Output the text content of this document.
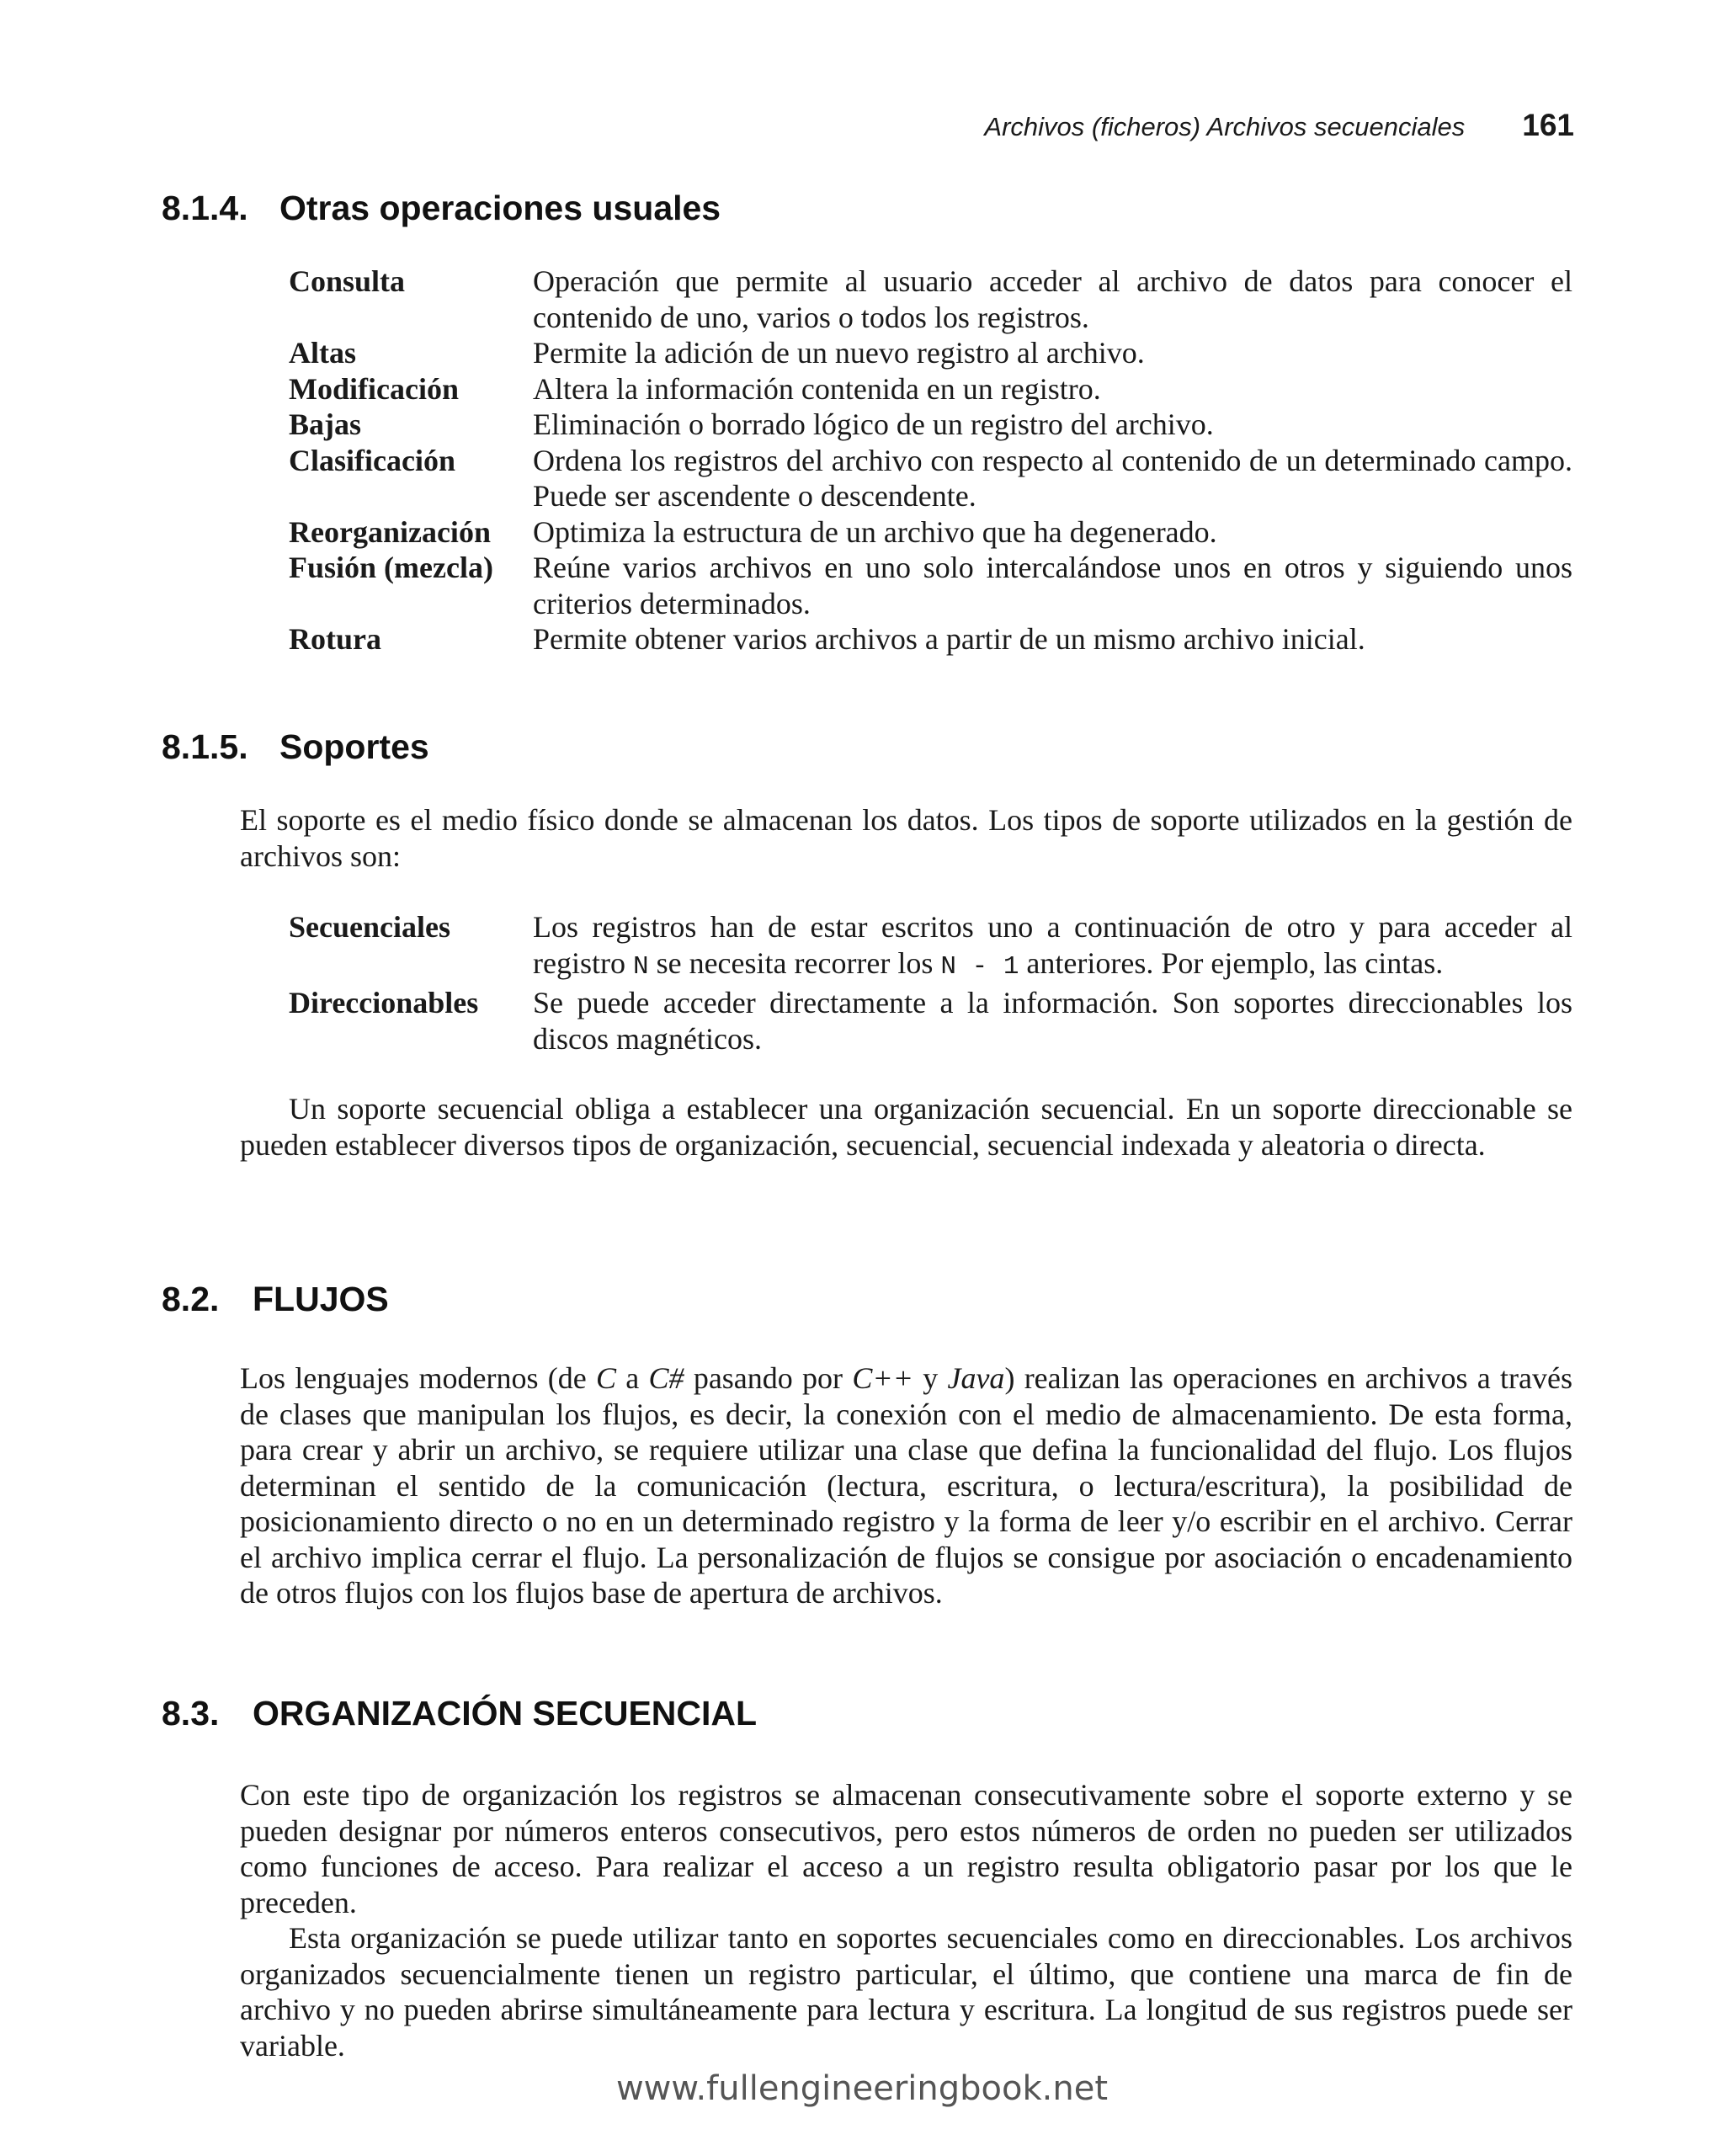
Archivos (ficheros) Archivos secuenciales 161
8.1.4. Otras operaciones usuales
Consulta	Operación que permite al usuario acceder al archivo de datos para conocer el contenido de uno, varios o todos los registros.
Altas	Permite la adición de un nuevo registro al archivo.
Modificación	Altera la información contenida en un registro.
Bajas	Eliminación o borrado lógico de un registro del archivo.
Clasificación	Ordena los registros del archivo con respecto al contenido de un determinado campo. Puede ser ascendente o descendente.
Reorganización	Optimiza la estructura de un archivo que ha degenerado.
Fusión (mezcla)	Reúne varios archivos en uno solo intercalándose unos en otros y siguiendo unos criterios determinados.
Rotura	Permite obtener varios archivos a partir de un mismo archivo inicial.
8.1.5. Soportes

El soporte es el medio físico donde se almacenan los datos. Los tipos de soporte utilizados en la gestión de archivos son:

Secuenciales	Los registros han de estar escritos uno a continuación de otro y para acceder al registro N se necesita recorrer los N - 1 anteriores. Por ejemplo, las cintas.
Direccionables	Se puede acceder directamente a la información. Son soportes direccionables los discos magnéticos.

Un soporte secuencial obliga a establecer una organización secuencial. En un soporte direccionable se pueden establecer diversos tipos de organización, secuencial, secuencial indexada y aleatoria o directa.

8.2. FLUJOS

Los lenguajes modernos (de C a C# pasando por C++ y Java) realizan las operaciones en archivos a través de clases que manipulan los flujos, es decir, la conexión con el medio de almacenamiento. De esta forma, para crear y abrir un archivo, se requiere utilizar una clase que defina la funcionalidad del flujo. Los flujos determinan el sentido de la comunicación (lectura, escritura, o lectura/escritura), la posibilidad de posicionamiento directo o no en un determinado registro y la forma de leer y/o escribir en el archivo. Cerrar el archivo implica cerrar el flujo. La personalización de flujos se consigue por asociación o encadenamiento de otros flujos con los flujos base de apertura de archivos.

8.3. ORGANIZACIÓN SECUENCIAL

Con este tipo de organización los registros se almacenan consecutivamente sobre el soporte externo y se pueden designar por números enteros consecutivos, pero estos números de orden no pueden ser utilizados como funciones de acceso. Para realizar el acceso a un registro resulta obligatorio pasar por los que le preceden.

Esta organización se puede utilizar tanto en soportes secuenciales como en direccionables. Los archivos organizados secuencialmente tienen un registro particular, el último, que contiene una marca de fin de archivo y no pueden abrirse simultáneamente para lectura y escritura. La longitud de sus registros puede ser variable.

www.fullengineeringbook.net
